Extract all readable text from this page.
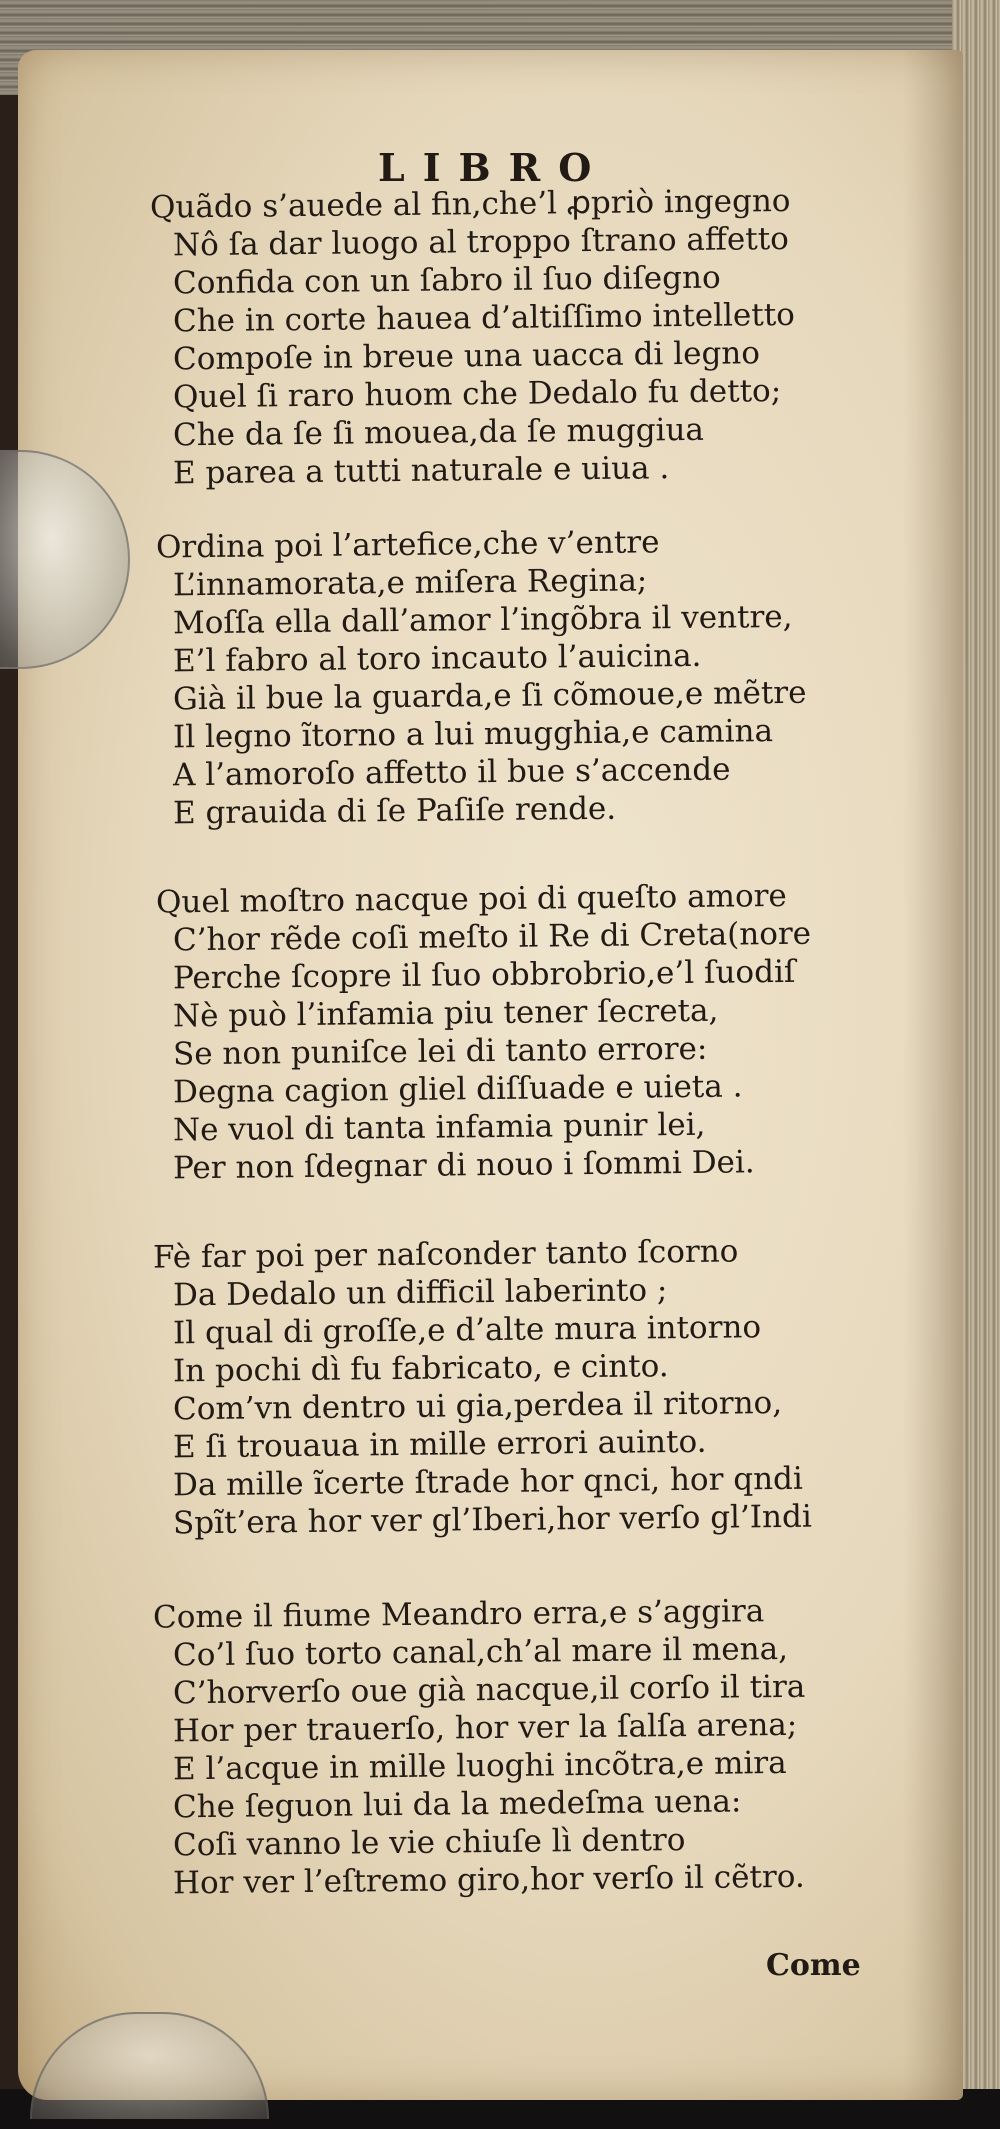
LIBRO
Quãdo s’auede al fin,che’l ꝓpriò ingegno
Nô ſa dar luogo al troppo ſtrano affetto
Confida con un ſabro il ſuo diſegno
Che in corte hauea d’altiſſimo intelletto
Compoſe in breue una uacca di legno
Quel ſi raro huom che Dedalo fu detto;
Che da ſe ſi mouea,da ſe muggiua
E parea a tutti naturale e uiua .
Ordina poi l’artefice,che v’entre
L’innamorata,e miſera Regina;
Moſſa ella dall’amor l’ingõbra il ventre,
E’l fabro al toro incauto l’auicina.
Già il bue la guarda,e ſi cõmoue,e mẽtre
Il legno ĩtorno a lui mugghia,e camina
A l’amoroſo affetto il bue s’accende
E grauida di ſe Paſiſe rende.
Quel moſtro nacque poi di queſto amore
C’hor rẽde coſi meſto il Re di Creta(nore
Perche ſcopre il ſuo obbrobrio,e’l ſuodiſ
Nè può l’infamia piu tener ſecreta,
Se non puniſce lei di tanto errore:
Degna cagion gliel diſſuade e uieta .
Ne vuol di tanta infamia punir lei,
Per non ſdegnar di nouo i ſommi Dei.
Fè far poi per naſconder tanto ſcorno
Da Dedalo un difficil laberinto ;
Il qual di groſſe,e d’alte mura intorno
In pochi dì fu fabricato, e cinto.
Com’vn dentro ui gia,perdea il ritorno,
E ſi trouaua in mille errori auinto.
Da mille ĩcerte ſtrade hor qnci, hor qndi
Spĩt’era hor ver gl’Iberi,hor verſo gl’Indi
Come il fiume Meandro erra,e s’aggira
Co’l ſuo torto canal,ch’al mare il mena,
C’horverſo oue già nacque,il corſo il tira
Hor per trauerſo, hor ver la ſalſa arena;
E l’acque in mille luoghi incõtra,e mira
Che ſeguon lui da la medeſma uena:
Coſi vanno le vie chiuſe lì dentro
Hor ver l’eſtremo giro,hor verſo il cẽtro.
Come
